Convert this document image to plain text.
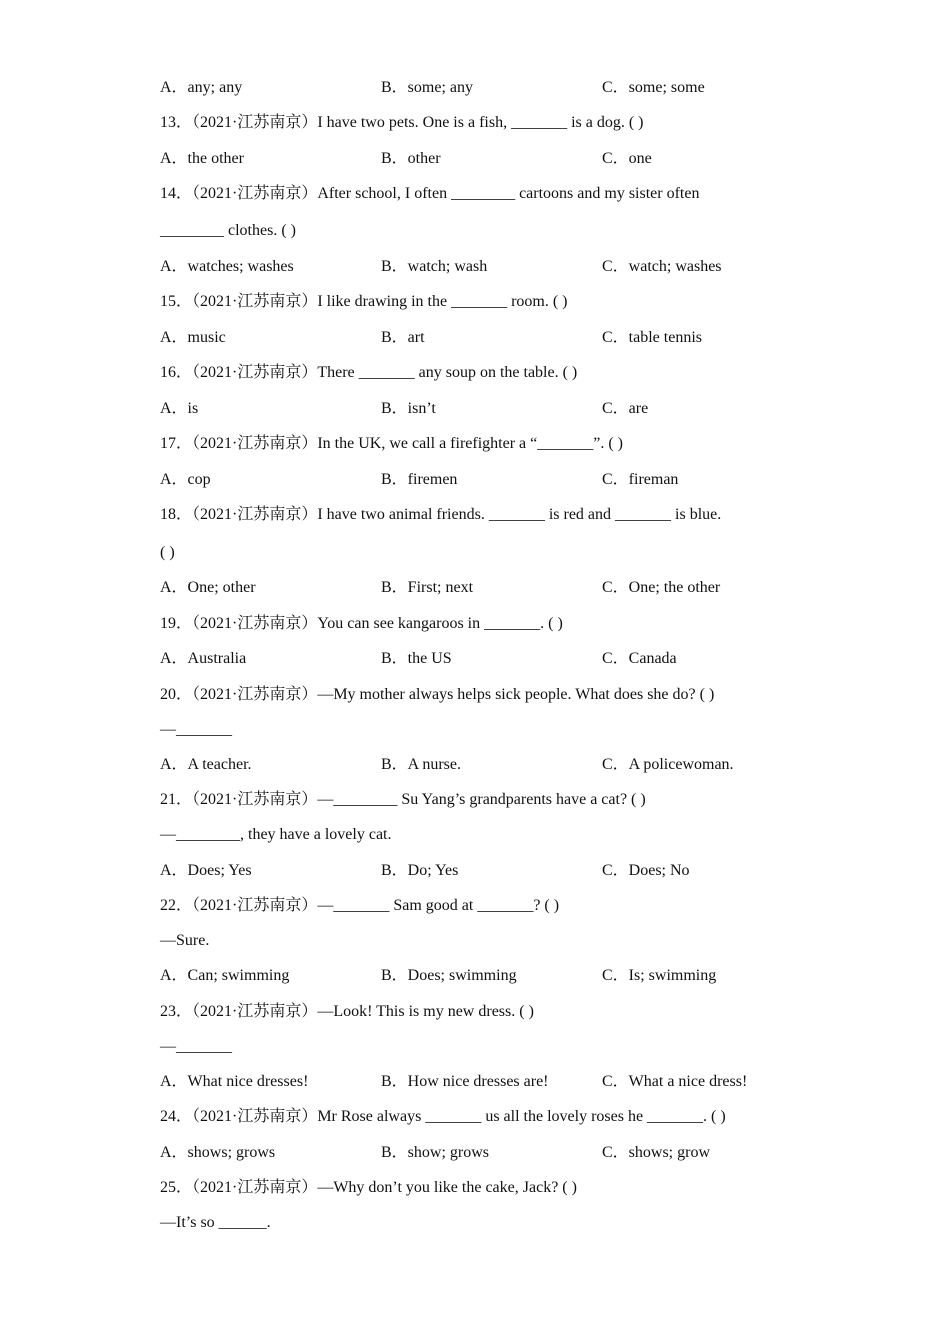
A．any; any	B．some; any	C．some; some
13．（2021·江苏南京）I have two pets. One is a fish, _______ is a dog. ( )
A．the other	B．other	C．one
14．（2021·江苏南京）After school, I often ________ cartoons and my sister often
________ clothes. ( )
A．watches; washes	B．watch; wash	C．watch; washes
15．（2021·江苏南京）I like drawing in the _______ room. ( )
A．music	B．art	C．table tennis
16．（2021·江苏南京）There _______ any soup on the table. ( )
A．is	B．isn’t	C．are
17．（2021·江苏南京）In the UK, we call a firefighter a “_______”. ( )
A．cop	B．firemen	C．fireman
18．（2021·江苏南京）I have two animal friends. _______ is red and _______ is blue.
( )
A．One; other	B．First; next	C．One; the other
19．（2021·江苏南京）You can see kangaroos in _______. ( )
A．Australia	B．the US	C．Canada
20．（2021·江苏南京）—My mother always helps sick people. What does she do? ( )
—_______
A．A teacher.	B．A nurse.	C．A policewoman.
21．（2021·江苏南京）—________ Su Yang’s grandparents have a cat? ( )
—________, they have a lovely cat.
A．Does; Yes	B．Do; Yes	C．Does; No
22．（2021·江苏南京）—_______ Sam good at _______? ( )
—Sure.
A．Can; swimming	B．Does; swimming	C．Is; swimming
23．（2021·江苏南京）—Look! This is my new dress. ( )
—_______
A．What nice dresses!	B．How nice dresses are!	C．What a nice dress!
24．（2021·江苏南京）Mr Rose always _______ us all the lovely roses he _______. ( )
A．shows; grows	B．show; grows	C．shows; grow
25．（2021·江苏南京）—Why don’t you like the cake, Jack? ( )
—It’s so ______.
